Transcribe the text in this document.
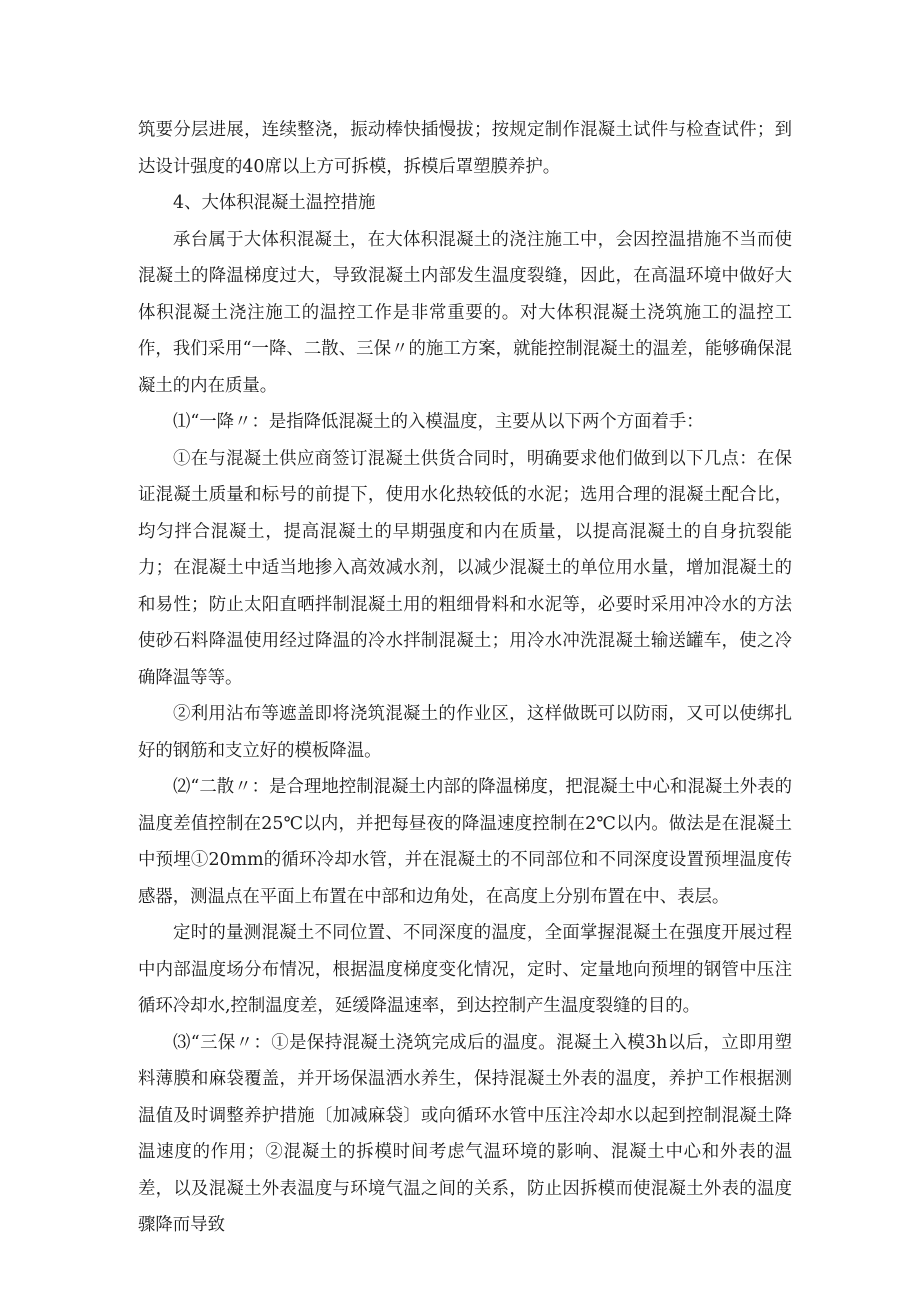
筑要分层进展，连续整浇，振动棒快插慢拔；按规定制作混凝土试件与检查试件；到达设计强度的40席以上方可拆模，拆模后罩塑膜养护。

4、大体积混凝土温控措施

承台属于大体积混凝土，在大体积混凝土的浇注施工中，会因控温措施不当而使混凝土的降温梯度过大，导致混凝土内部发生温度裂缝，因此，在高温环境中做好大体积混凝土浇注施工的温控工作是非常重要的。对大体积混凝土浇筑施工的温控工作，我们采用“一降、二散、三保〃的施工方案，就能控制混凝土的温差，能够确保混凝土的内在质量。

⑴“一降〃：是指降低混凝土的入模温度，主要从以下两个方面着手：

①在与混凝土供应商签订混凝土供货合同时，明确要求他们做到以下几点：在保证混凝土质量和标号的前提下，使用水化热较低的水泥；选用合理的混凝土配合比，均匀拌合混凝土，提高混凝土的早期强度和内在质量，以提高混凝土的自身抗裂能力；在混凝土中适当地掺入高效减水剂，以减少混凝土的单位用水量，增加混凝土的和易性；防止太阳直晒拌制混凝土用的粗细骨料和水泥等，必要时采用冲冷水的方法使砂石料降温使用经过降温的冷水拌制混凝土；用冷水冲洗混凝土输送罐车，使之冷确降温等等。

②利用沾布等遮盖即将浇筑混凝土的作业区，这样做既可以防雨，又可以使绑扎好的钢筋和支立好的模板降温。

⑵“二散〃：是合理地控制混凝土内部的降温梯度，把混凝土中心和混凝土外表的温度差值控制在25℃以内，并把每昼夜的降温速度控制在2℃以内。做法是在混凝土中预埋①20mm的循环冷却水管，并在混凝土的不同部位和不同深度设置预埋温度传感器，测温点在平面上布置在中部和边角处，在高度上分别布置在中、表层。

定时的量测混凝土不同位置、不同深度的温度，全面掌握混凝土在强度开展过程中内部温度场分布情况，根据温度梯度变化情况，定时、定量地向预埋的钢管中压注循环冷却水,控制温度差，延缓降温速率，到达控制产生温度裂缝的目的。

⑶“三保〃：①是保持混凝土浇筑完成后的温度。混凝土入模3h以后，立即用塑料薄膜和麻袋覆盖，并开场保温洒水养生，保持混凝土外表的温度，养护工作根据测温值及时调整养护措施〔加减麻袋〕或向循环水管中压注冷却水以起到控制混凝土降温速度的作用；②混凝土的拆模时间考虑气温环境的影响、混凝土中心和外表的温差，以及混凝土外表温度与环境气温之间的关系，防止因拆模而使混凝土外表的温度骤降而导致
